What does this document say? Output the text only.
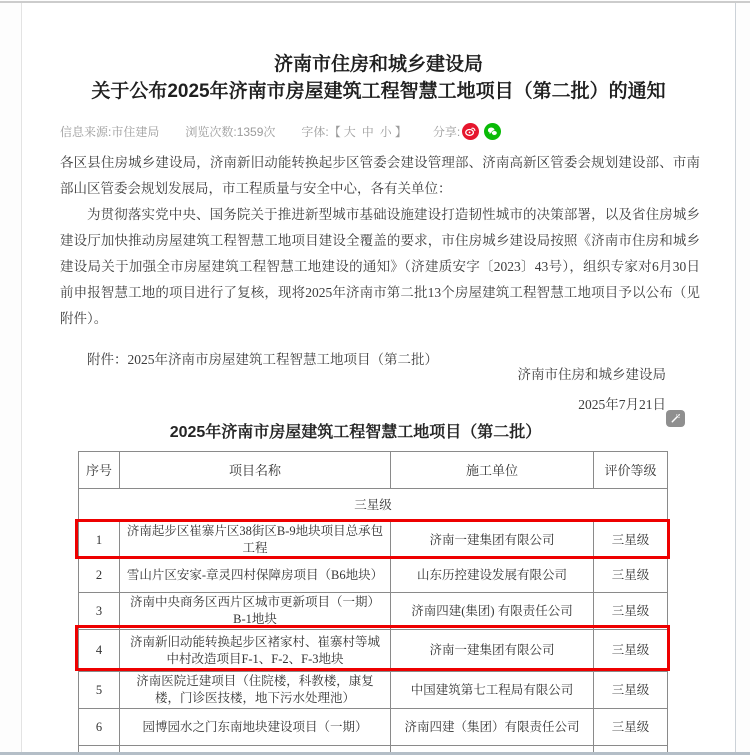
济南市住房和城乡建设局
关于公布2025年济南市房屋建筑工程智慧工地项目（第二批）的通知
信息来源: 市住建局 浏览次数: 1359次 字体: 【 大 中 小 】 分享:

各区县住房城乡建设局，济南新旧动能转换起步区管委会建设管理部、济南高新区管委会规划建设部、市南部山区管委会规划发展局，市工程质量与安全中心，各有关单位：

为贯彻落实党中央、国务院关于推进新型城市基础设施建设打造韧性城市的决策部署，以及省住房城乡建设厅加快推动房屋建筑工程智慧工地项目建设全覆盖的要求，市住房城乡建设局按照《济南市住房和城乡建设局关于加强全市房屋建筑工程智慧工地建设的通知》（济建质安字〔2023〕43号），组织专家对6月30日前申报智慧工地的项目进行了复核，现将2025年济南市第二批13个房屋建筑工程智慧工地项目予以公布（见附件）。

附件：2025年济南市房屋建筑工程智慧工地项目（第二批）

济南市住房和城乡建设局
2025年7月21日
2025年济南市房屋建筑工程智慧工地项目（第二批）
序号	项目名称	施工单位	评价等级
三星级			
1	济南起步区崔寨片区38街区B-9地块项目总承包工程	济南一建集团有限公司	三星级
2	雪山片区安家-章灵四村保障房项目（B6地块）	山东历控建设发展有限公司	三星级
3	济南中央商务区西片区城市更新项目（一期）B-1地块	济南四建(集团) 有限责任公司	三星级
4	济南新旧动能转换起步区褚家村、崔寨村等城中村改造项目F-1、F-2、F-3地块	济南一建集团有限公司	三星级
5	济南医院迁建项目（住院楼，科教楼，康复楼，门诊医技楼，地下污水处理池）	中国建筑第七工程局有限公司	三星级
6	园博园水之门东南地块建设项目（一期）	济南四建（集团）有限责任公司	三星级
